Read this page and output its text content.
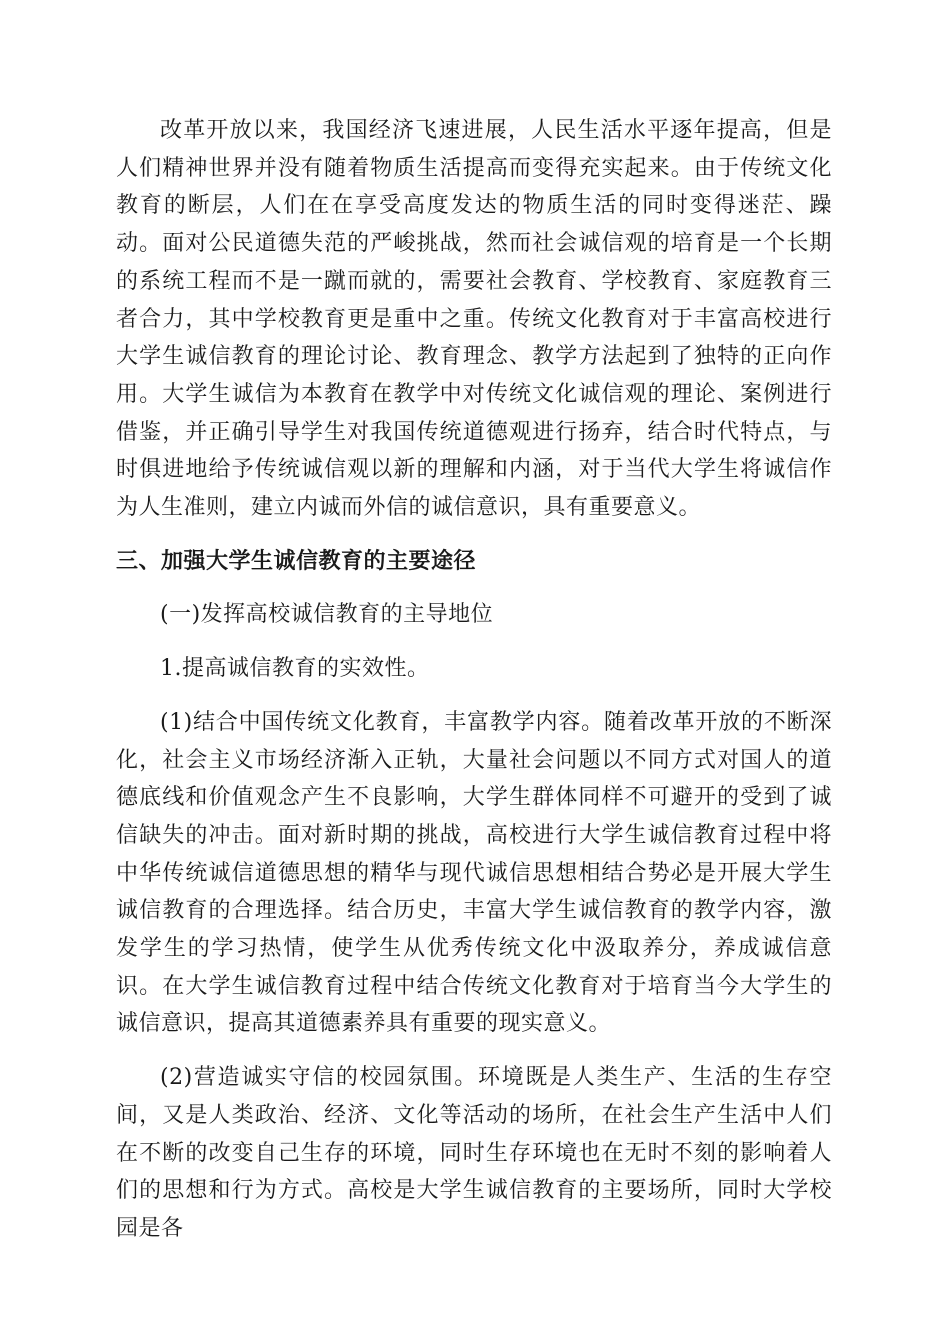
改革开放以来，我国经济飞速进展，人民生活水平逐年提高，但是人们精神世界并没有随着物质生活提高而变得充实起来。由于传统文化教育的断层，人们在在享受高度发达的物质生活的同时变得迷茫、躁动。面对公民道德失范的严峻挑战，然而社会诚信观的培育是一个长期的系统工程而不是一蹴而就的，需要社会教育、学校教育、家庭教育三者合力，其中学校教育更是重中之重。传统文化教育对于丰富高校进行大学生诚信教育的理论讨论、教育理念、教学方法起到了独特的正向作用。大学生诚信为本教育在教学中对传统文化诚信观的理论、案例进行借鉴，并正确引导学生对我国传统道德观进行扬弃，结合时代特点，与时俱进地给予传统诚信观以新的理解和内涵，对于当代大学生将诚信作为人生准则，建立内诚而外信的诚信意识，具有重要意义。

三、加强大学生诚信教育的主要途径

(一)发挥高校诚信教育的主导地位

1.提高诚信教育的实效性。

(1)结合中国传统文化教育，丰富教学内容。随着改革开放的不断深化，社会主义市场经济渐入正轨，大量社会问题以不同方式对国人的道德底线和价值观念产生不良影响，大学生群体同样不可避开的受到了诚信缺失的冲击。面对新时期的挑战，高校进行大学生诚信教育过程中将中华传统诚信道德思想的精华与现代诚信思想相结合势必是开展大学生诚信教育的合理选择。结合历史，丰富大学生诚信教育的教学内容，激发学生的学习热情，使学生从优秀传统文化中汲取养分，养成诚信意识。在大学生诚信教育过程中结合传统文化教育对于培育当今大学生的诚信意识，提高其道德素养具有重要的现实意义。

(2)营造诚实守信的校园氛围。环境既是人类生产、生活的生存空间，又是人类政治、经济、文化等活动的场所，在社会生产生活中人们在不断的改变自己生存的环境，同时生存环境也在无时不刻的影响着人们的思想和行为方式。高校是大学生诚信教育的主要场所，同时大学校园是各
